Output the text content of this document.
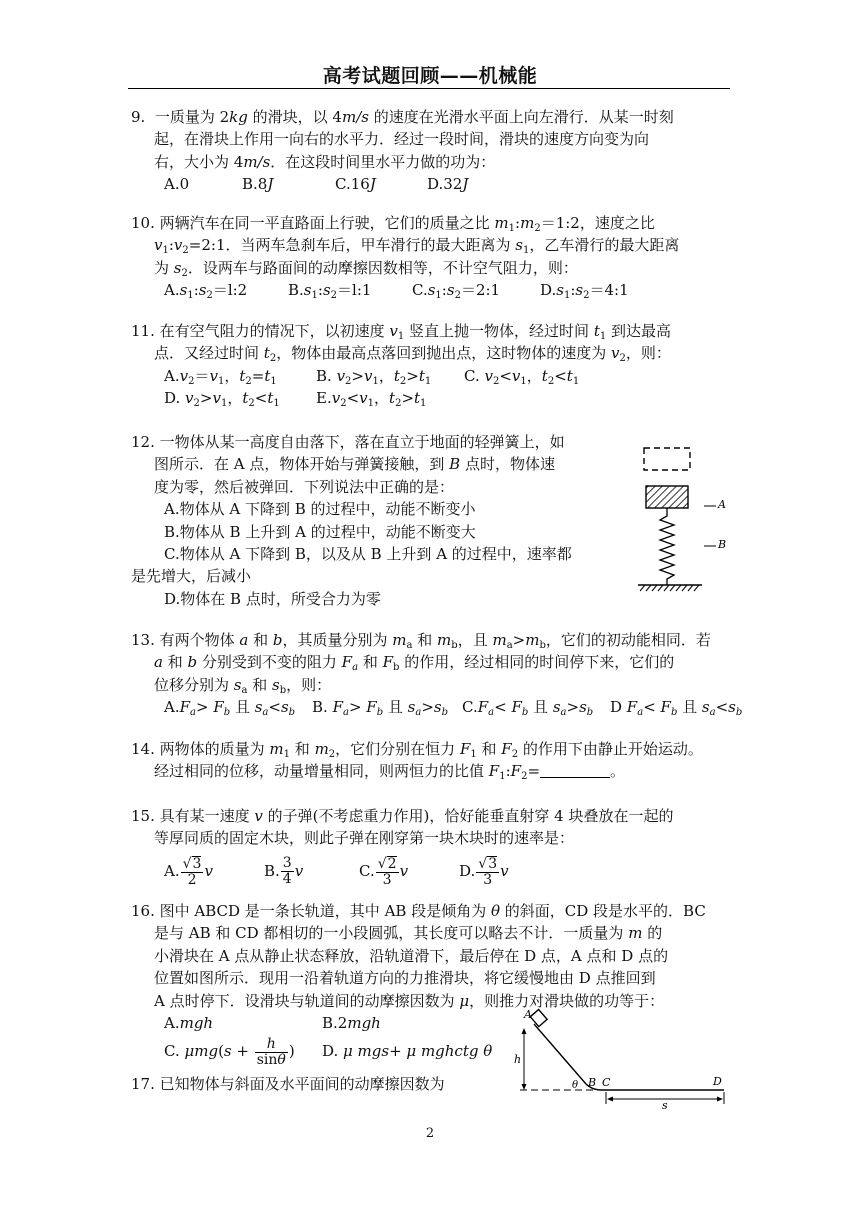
高考试题回顾——机械能

9.  一质量为 2kg 的滑块，以 4m/s 的速度在光滑水平面上向左滑行．从某一时刻

起，在滑块上作用一向右的水平力．经过一段时间，滑块的速度方向变为向

右，大小为 4m/s．在这段时间里水平力做的功为：

A.0	B.8J	C.16J	D.32J

10. 两辆汽车在同一平直路面上行驶，它们的质量之比 $m_1:m_2=1:2$，速度之比

$v_1:v_2=2:1$．当两车急刹车后，甲车滑行的最大距离为 $s_1$，乙车滑行的最大距离

为 $s_2$．设两车与路面间的动摩擦因数相等，不计空气阻力，则：

$A.s_1:s_2=l:2$	$B.s_1:s_2=l:1$	$C.s_1:s_2=2:1$	$D.s_1:s_2=4:1$

11. 在有空气阻力的情况下，以初速度 $v_1$ 竖直上抛一物体，经过时间 $t_1$ 到达最高

点．又经过时间 $t_2$，物体由最高点落回到抛出点，这时物体的速度为 $v_2$，则：

$A.v_2=v_1$，$t_2=t_1$	B. $v_2>v_1$，$t_2>t_1$ C. $v_2<v_1$，$t_2<t_1$

D. $v_2>v_1$，$t_2<t_1$ $E.v_2<v_1$，$t_2>t_1$

12. 一物体从某一高度自由落下，落在直立于地面的轻弹簧上，如

图所示．在 A 点，物体开始与弹簧接触，到 B 点时，物体速

度为零，然后被弹回．下列说法中正确的是：

A.物体从 A 下降到 B 的过程中，动能不断变小

B.物体从 B 上升到 A 的过程中，动能不断变大

C.物体从 A 下降到 B，以及从 B 上升到 A 的过程中，速率都

是先增大，后减小

D.物体在 B 点时，所受合力为零

A
B

13. 有两个物体 a 和 b，其质量分别为 $m_a$ 和 $m_b$，且 $m_a>m_b$，它们的初动能相同．若

a 和 b 分别受到不变的阻力 $F_a$ 和 $F_b$ 的作用，经过相同的时间停下来，它们的

位移分别为 $s_a$ 和 $s_b$，则：

$A.F_a> F_b$ 且 $s_a<s_b$ B. $F_a> F_b$ 且 $s_a>s_b$ $C.F_a< F_b$ 且 $s_a>s_b$ D $F_a< F_b$ 且 $s_a<s_b$

14. 两物体的质量为 $m_1$ 和 $m_2$，它们分别在恒力 $F_1$ 和 $F_2$ 的作用下由静止开始运动。

经过相同的位移，动量增量相同，则两恒力的比值 $F_1:F_2=$	。

15. 具有某一速度 v 的子弹(不考虑重力作用)，恰好能垂直射穿 4 块叠放在一起的

等厚同质的固定木块，则此子弹在刚穿第一块木块时的速率是：

A. $\frac{√3}{2}$ v	B. $\frac{3}{4}$ v	C. $\frac{√2}{3}$ v	D. $\frac{√3}{3}$ v

16. 图中 ABCD 是一条长轨道，其中 AB 段是倾角为 θ 的斜面，CD 段是水平的．BC

是与 AB 和 CD 都相切的一小段圆弧，其长度可以略去不计．一质量为 m 的

小滑块在 A 点从静止状态释放，沿轨道滑下，最后停在 D 点，A 点和 D 点的

位置如图所示．现用一沿着轨道方向的力推滑块，将它缓慢地由 D 点推回到

A 点时停下．设滑块与轨道间的动摩擦因数为 μ，则推力对滑块做的功等于：

A.mgh	B.2mgh

C. $\mu mg(s + \frac{h}{\sin\theta}$ ) D. μ mgs+ μ mghctg θ

A
h
θ B C	D
s

17. 已知物体与斜面及水平面间的动摩擦因数为

2
